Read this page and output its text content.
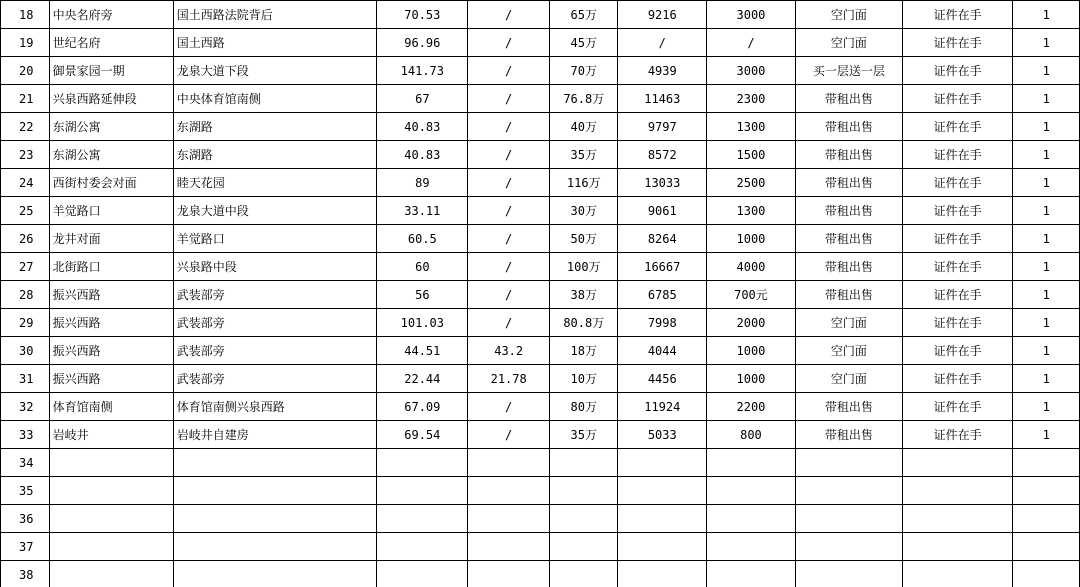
18	中央名府旁	国土西路法院背后	70.53	/	65万	9216	3000	空门面	证件在手	1
19	世纪名府	国土西路	96.96	/	45万	/	/	空门面	证件在手	1
20	御景家园一期	龙泉大道下段	141.73	/	70万	4939	3000	买一层送一层	证件在手	1
21	兴泉西路延伸段	中央体育馆南侧	67	/	76.8万	11463	2300	带租出售	证件在手	1
22	东湖公寓	东湖路	40.83	/	40万	9797	1300	带租出售	证件在手	1
23	东湖公寓	东湖路	40.83	/	35万	8572	1500	带租出售	证件在手	1
24	西街村委会对面	睦天花园	89	/	116万	13033	2500	带租出售	证件在手	1
25	羊觉路口	龙泉大道中段	33.11	/	30万	9061	1300	带租出售	证件在手	1
26	龙井对面	羊觉路口	60.5	/	50万	8264	1000	带租出售	证件在手	1
27	北街路口	兴泉路中段	60	/	100万	16667	4000	带租出售	证件在手	1
28	振兴西路	武装部旁	56	/	38万	6785	700元	带租出售	证件在手	1
29	振兴西路	武装部旁	101.03	/	80.8万	7998	2000	空门面	证件在手	1
30	振兴西路	武装部旁	44.51	43.2	18万	4044	1000	空门面	证件在手	1
31	振兴西路	武装部旁	22.44	21.78	10万	4456	1000	空门面	证件在手	1
32	体育馆南侧	体育馆南侧兴泉西路	67.09	/	80万	11924	2200	带租出售	证件在手	1
33	岩岐井	岩岐井自建房	69.54	/	35万	5033	800	带租出售	证件在手	1
34										
35										
36										
37										
38										
